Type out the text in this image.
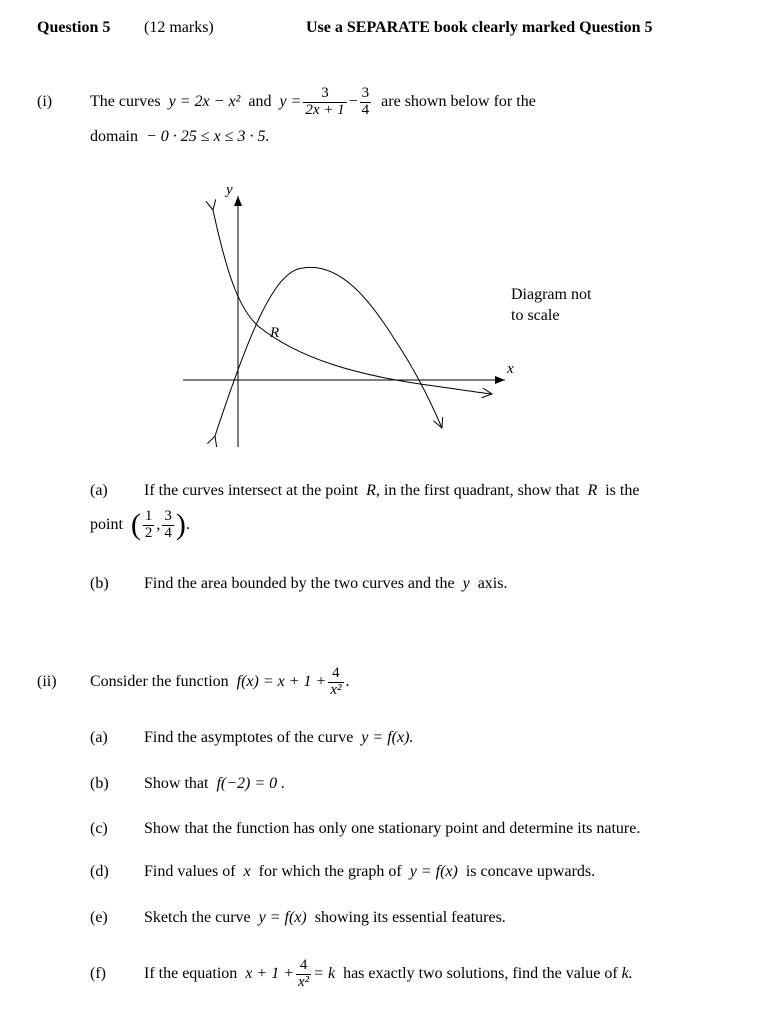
Question 5 (12 marks)	Use a SEPARATE book clearly marked Question 5
(i) The curves
y = 2x − x²
and
$y = \frac{3}{2x + 1} - \frac{3}{4}$
are shown below for the
domain − 0 · 25 ≤ x ≤ 3 · 5.
y
x
R
Diagram not
to scale
(a) If the curves intersect at the point R, in the first quadrant, show that R is the
point
( $\frac{1}{2}$ , $\frac{3}{4}$ ) .
(b) Find the area bounded by the two curves and the y axis.
(ii) Consider the function
$f(x) = x + 1 + \frac{4}{\text{x²}}$ .
(a) Find the asymptotes of the curve y = f(x).
(b) Show that f(−2) = 0 .
(c) Show that the function has only one stationary point and determine its nature.
(d) Find values of x for which the graph of y = f(x) is concave upwards.
(e) Sketch the curve y = f(x) showing its essential features.
(f) If the equation
$x + 1 + \frac{4}{\text{x²}} = k$
has exactly two solutions, find the value of
k.
